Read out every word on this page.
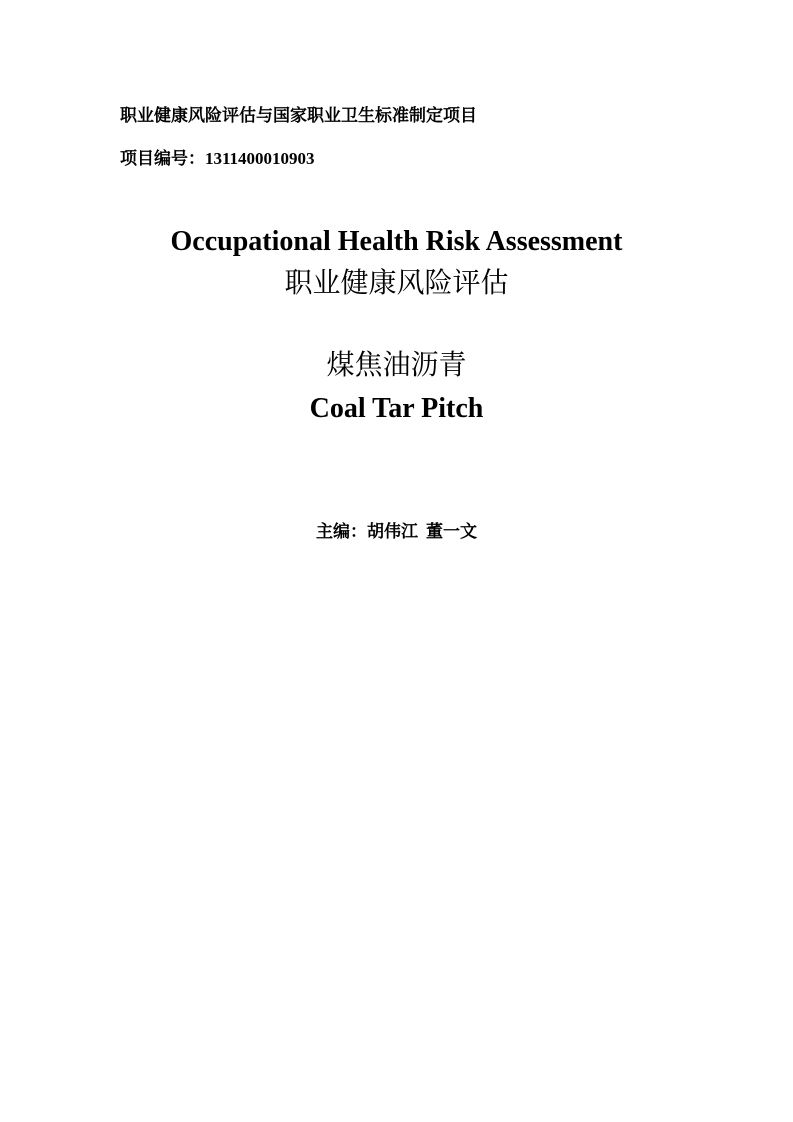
职业健康风险评估与国家职业卫生标准制定项目
项目编号：1311400010903
Occupational Health Risk Assessment
职业健康风险评估
煤焦油沥青
Coal Tar Pitch
主编：胡伟江 董一文
